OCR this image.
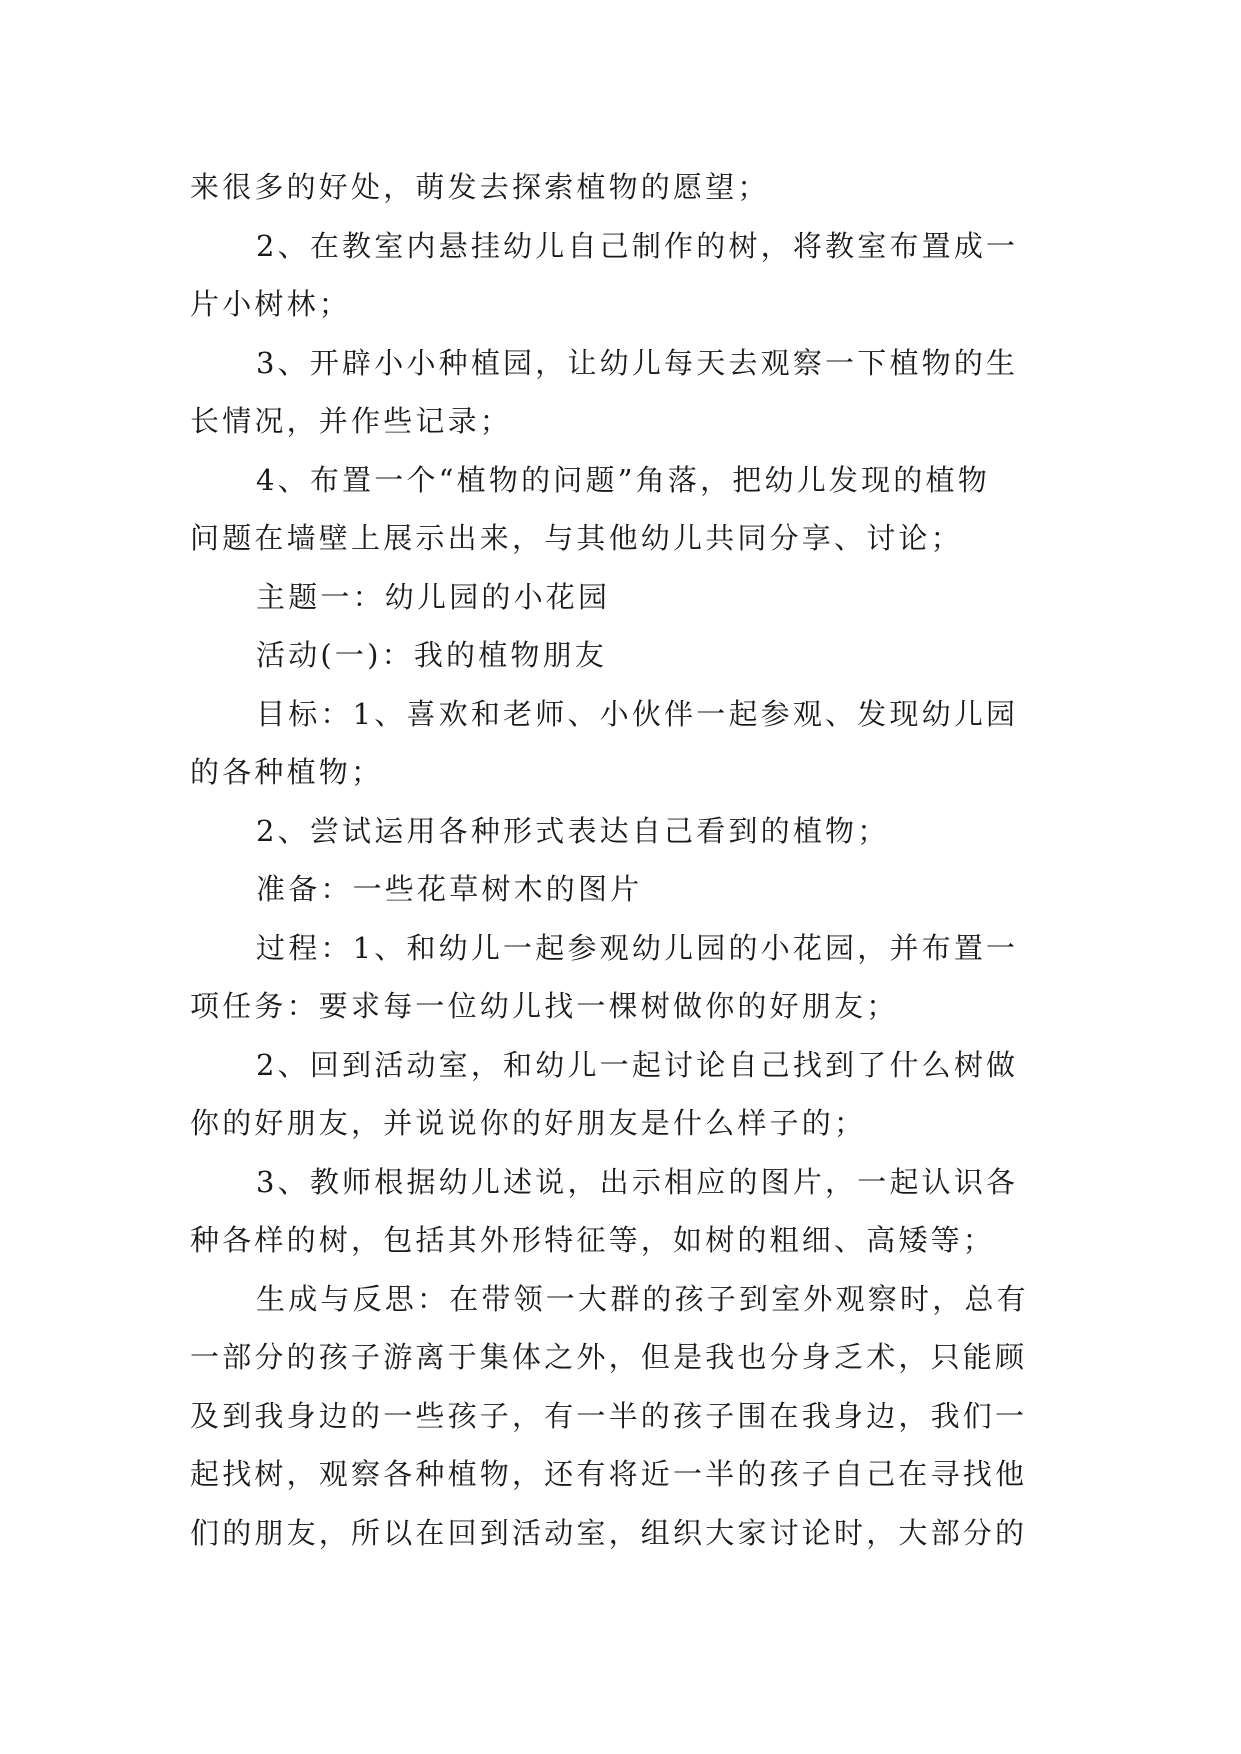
来很多的好处，萌发去探索植物的愿望；
2、在教室内悬挂幼儿自己制作的树，将教室布置成一
片小树林；
3、开辟小小种植园，让幼儿每天去观察一下植物的生
长情况，并作些记录；
4、布置一个“植物的问题”角落，把幼儿发现的植物
问题在墙壁上展示出来，与其他幼儿共同分享、讨论；
主题一：幼儿园的小花园
活动(一)：我的植物朋友
目标：1、喜欢和老师、小伙伴一起参观、发现幼儿园
的各种植物；
2、尝试运用各种形式表达自己看到的植物；
准备：一些花草树木的图片
过程：1、和幼儿一起参观幼儿园的小花园，并布置一
项任务：要求每一位幼儿找一棵树做你的好朋友；
2、回到活动室，和幼儿一起讨论自己找到了什么树做
你的好朋友，并说说你的好朋友是什么样子的；
3、教师根据幼儿述说，出示相应的图片，一起认识各
种各样的树，包括其外形特征等，如树的粗细、高矮等；
生成与反思：在带领一大群的孩子到室外观察时，总有
一部分的孩子游离于集体之外，但是我也分身乏术，只能顾
及到我身边的一些孩子，有一半的孩子围在我身边，我们一
起找树，观察各种植物，还有将近一半的孩子自己在寻找他
们的朋友，所以在回到活动室，组织大家讨论时，大部分的
